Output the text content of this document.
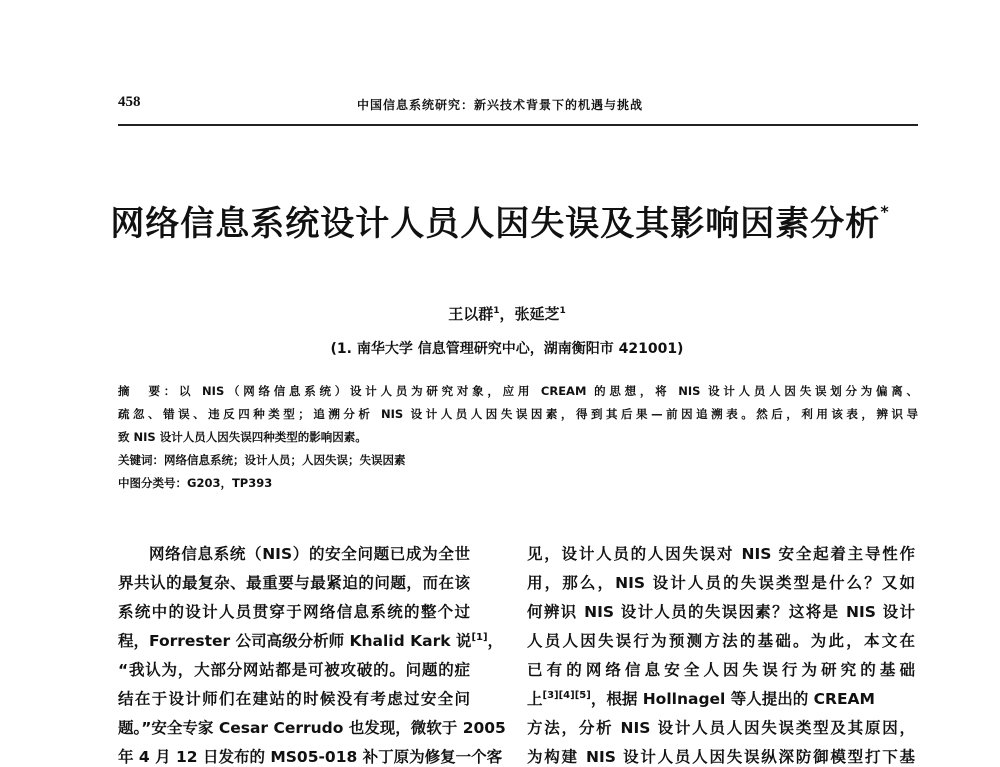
458	中国信息系统研究：新兴技术背景下的机遇与挑战
网络信息系统设计人员人因失误及其影响因素分析*
王以群$^1$，张延芝$^1$
(1. 南华大学 信息管理研究中心，湖南衡阳市 421001)
摘　要：以 NIS（网络信息系统）设计人员为研究对象，应用 CREAM 的思想，将 NIS 设计人员人因失误划分为偏离、
疏忽、错误、违反四种类型；追溯分析 NIS 设计人员人因失误因素，得到其后果—前因追溯表。然后，利用该表，辨识导
致 NIS 设计人员人因失误四种类型的影响因素。
关键词：网络信息系统；设计人员；人因失误；失误因素
中图分类号：G203，TP393
网络信息系统（NIS）的安全问题已成为全世
界共认的最复杂、最重要与最紧迫的问题，而在该
系统中的设计人员贯穿于网络信息系统的整个过
程，Forrester 公司高级分析师 Khalid Kark 说[1]，
“我认为，大部分网站都是可被攻破的。问题的症
结在于设计师们在建站的时候没有考虑过安全问
题。”安全专家 Cesar Cerrudo 也发现，微软于 2005
年 4 月 12 日发布的 MS05-018 补丁原为修复一个客
见，设计人员的人因失误对 NIS 安全起着主导性作
用，那么，NIS 设计人员的失误类型是什么？又如
何辨识 NIS 设计人员的失误因素？这将是 NIS 设计
人员人因失误行为预测方法的基础。为此，本文在
已有的网络信息安全人因失误行为研究的基础
上[3][4][5]，根据 Hollnagel 等人提出的 CREAM
方法，分析 NIS 设计人员人因失误类型及其原因，
为构建 NIS 设计人员人因失误纵深防御模型打下基
